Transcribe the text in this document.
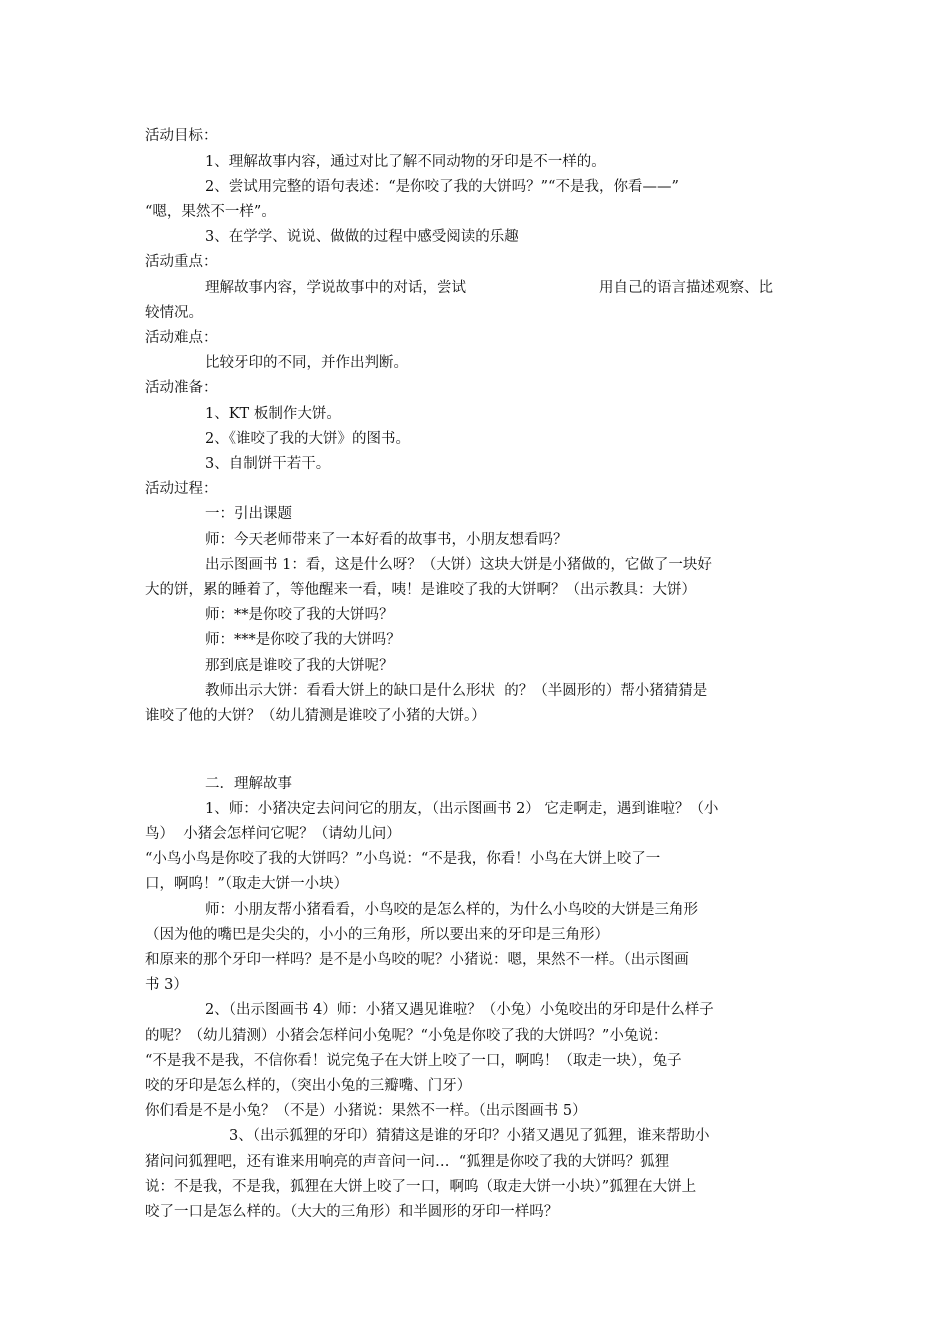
活动目标：
1、理解故事内容，通过对比了解不同动物的牙印是不一样的。
2、尝试用完整的语句表述：“是你咬了我的大饼吗？”“不是我，你看——”
“嗯，果然不一样”。
3、在学学、说说、做做的过程中感受阅读的乐趣
活动重点：
理解故事内容，学说故事中的对话，尝试	用自己的语言描述观察、比
较情况。
活动难点：
比较牙印的不同，并作出判断。
活动准备：
1、KT 板制作大饼。
2、《谁咬了我的大饼》的图书。
3、自制饼干若干。
活动过程：
一：引出课题
师：今天老师带来了一本好看的故事书，小朋友想看吗？
出示图画书 1：看，这是什么呀？（大饼）这块大饼是小猪做的，它做了一块好
大的饼，累的睡着了，等他醒来一看，咦！是谁咬了我的大饼啊？（出示教具：大饼）
师：**是你咬了我的大饼吗？
师：***是你咬了我的大饼吗？
那到底是谁咬了我的大饼呢？
教师出示大饼：看看大饼上的缺口是什么形状  的？（半圆形的）帮小猪猜猜是
谁咬了他的大饼？（幼儿猜测是谁咬了小猪的大饼。）
二．理解故事
1、师：小猪决定去问问它的朋友，（出示图画书 2） 它走啊走，遇到谁啦？（小
鸟）  小猪会怎样问它呢？（请幼儿问）
“小鸟小鸟是你咬了我的大饼吗？”小鸟说：“不是我，你看！小鸟在大饼上咬了一
口，啊呜！”（取走大饼一小块）
师：小朋友帮小猪看看，小鸟咬的是怎么样的，为什么小鸟咬的大饼是三角形
（因为他的嘴巴是尖尖的，小小的三角形，所以要出来的牙印是三角形）
和原来的那个牙印一样吗？是不是小鸟咬的呢？小猪说：嗯，果然不一样。（出示图画
书 3）
2、（出示图画书 4）师：小猪又遇见谁啦？（小兔）小兔咬出的牙印是什么样子
的呢？（幼儿猜测）小猪会怎样问小兔呢？“小兔是你咬了我的大饼吗？”小兔说：
“不是我不是我，不信你看！说完兔子在大饼上咬了一口，啊呜！（取走一块），兔子
咬的牙印是怎么样的，（突出小兔的三瓣嘴、门牙）
你们看是不是小兔？（不是）小猪说：果然不一样。（出示图画书 5）
3、（出示狐狸的牙印）猜猜这是谁的牙印？小猪又遇见了狐狸，谁来帮助小
猪问问狐狸吧，还有谁来用响亮的声音问一问…  “狐狸是你咬了我的大饼吗？狐狸
说：不是我，不是我，狐狸在大饼上咬了一口，啊呜（取走大饼一小块）”狐狸在大饼上
咬了一口是怎么样的。（大大的三角形）和半圆形的牙印一样吗？
